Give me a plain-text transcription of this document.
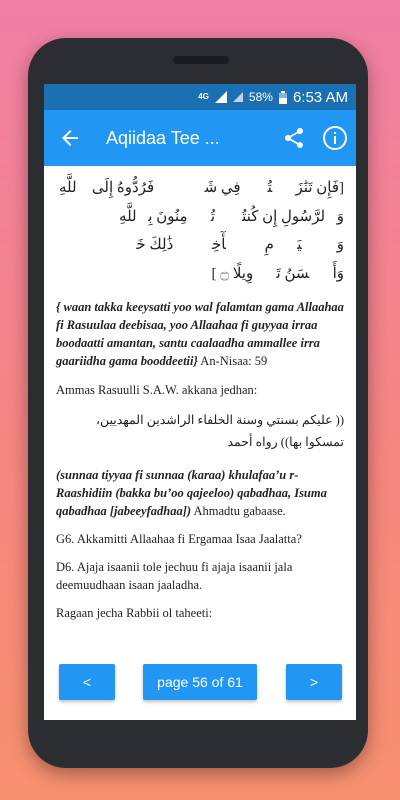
4G	58% 6:53 AM
Aqiidaa Tee ...

[فَإِن تَنَٰزَعۡتُمۡ فِي شَيۡءٖ فَرُدُّوهُ إِلَى ٱللَّهِ وَٱلرَّسُولِ إِن كُنتُمۡ تُؤۡمِنُونَ بِٱللَّهِ وَٱلۡيَوۡمِ ٱلۡأٓخِرِۚ ذَٰلِكَ خَيۡرٞ وَأَحۡسَنُ تَأۡوِيلًا ۝ ]

{ waan takka keeysatti yoo wal falamtan gama Allaahaa fi Rasuulaa deebisaa, yoo Allaahaa fi guyyaa irraa boodaatti amantan, santu caalaadha ammallee irra gaariidha gama booddeetii} An-Nisaa: 59

Ammas Rasuulli S.A.W. akkana jedhan:

(( عليكم بسنتي وسنة الخلفاء الراشدين المهديين، تمسكوا بها)) رواه أحمد

(sunnaa tiyyaa fi sunnaa (karaa) khulafaa’u r-Raashidiin (bakka bu’oo qajeeloo) qabadhaa, Isuma qabadhaa [jabeeyfadhaa]) Ahmadtu gabaase.

G6. Akkamitti Allaahaa fi Ergamaa Isaa Jaalatta?

D6. Ajaja isaanii tole jechuu fi ajaja isaanii jala deemuudhaan isaan jaaladha.

Ragaan jecha Rabbii ol taheeti:

<	page 56 of 61	>
